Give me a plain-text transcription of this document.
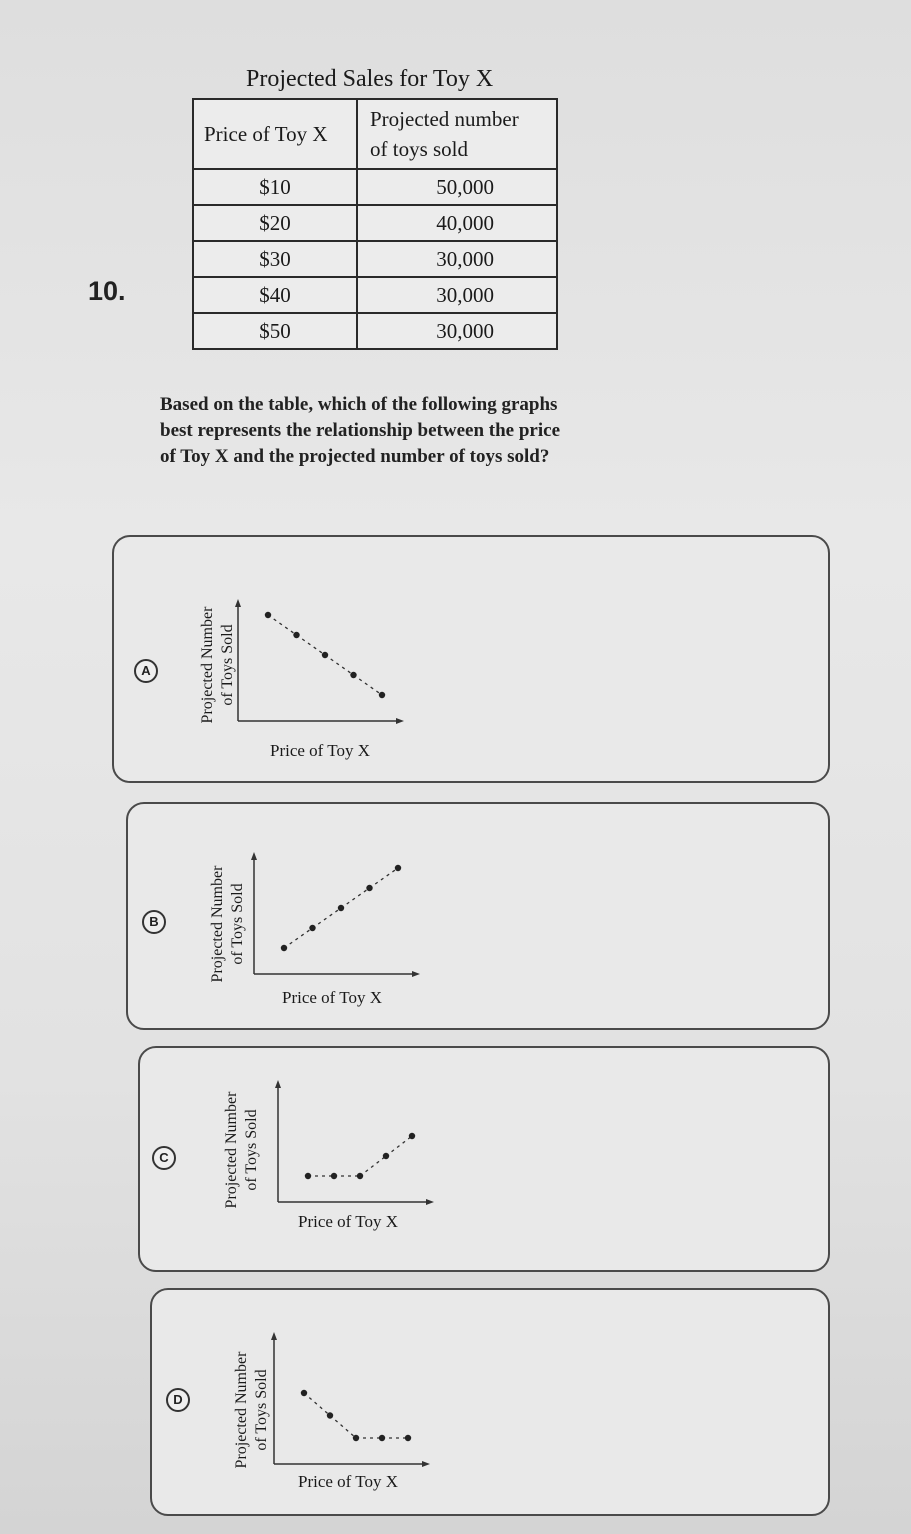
10.
Projected Sales for Toy X
Price of Toy X	Projected number
of toys sold
$10	50,000
$20	40,000
$30	30,000
$40	30,000
$50	30,000
Based on the table, which of the following graphs best represents the relationship between the price of Toy X and the projected number of toys sold?
A	Projected Number of Toys Sold
Price of Toy X
B	Projected Number of Toys Sold
Price of Toy X
C	Projected Number of Toys Sold
Price of Toy X
D	Projected Number of Toys Sold
Price of Toy X
